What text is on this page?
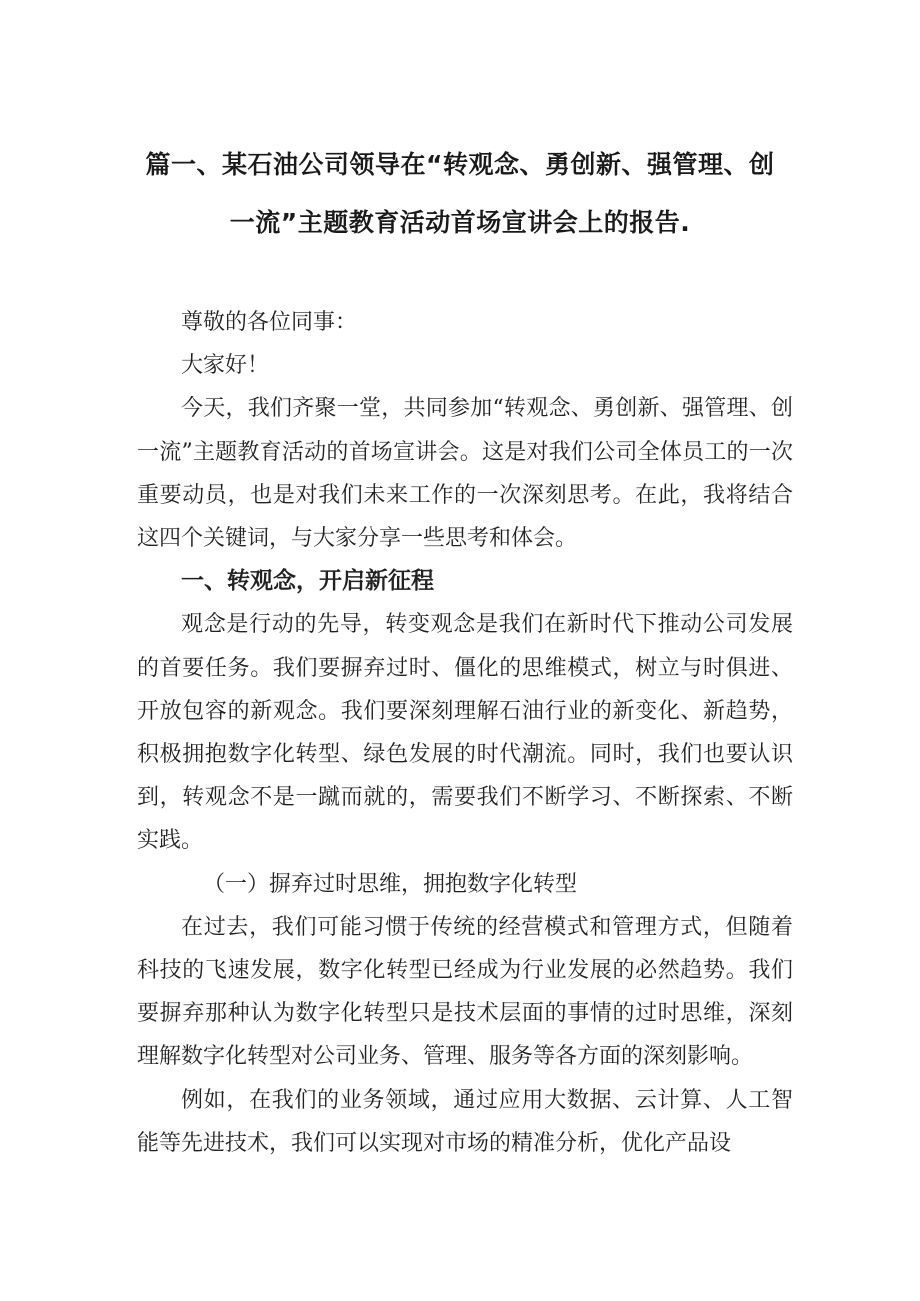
篇一、某石油公司领导在“转观念、勇创新、强管理、创
一流”主题教育活动首场宣讲会上的报告.

尊敬的各位同事：

大家好！

今天，我们齐聚一堂，共同参加“转观念、勇创新、强管理、创一流”主题教育活动的首场宣讲会。这是对我们公司全体员工的一次重要动员，也是对我们未来工作的一次深刻思考。在此，我将结合这四个关键词，与大家分享一些思考和体会。

一、转观念，开启新征程

观念是行动的先导，转变观念是我们在新时代下推动公司发展的首要任务。我们要摒弃过时、僵化的思维模式，树立与时俱进、开放包容的新观念。我们要深刻理解石油行业的新变化、新趋势，积极拥抱数字化转型、绿色发展的时代潮流。同时，我们也要认识到，转观念不是一蹴而就的，需要我们不断学习、不断探索、不断实践。

（一）摒弃过时思维，拥抱数字化转型

在过去，我们可能习惯于传统的经营模式和管理方式，但随着科技的飞速发展，数字化转型已经成为行业发展的必然趋势。我们要摒弃那种认为数字化转型只是技术层面的事情的过时思维，深刻理解数字化转型对公司业务、管理、服务等各方面的深刻影响。

例如，在我们的业务领域，通过应用大数据、云计算、人工智能等先进技术，我们可以实现对市场的精准分析，优化产品设
